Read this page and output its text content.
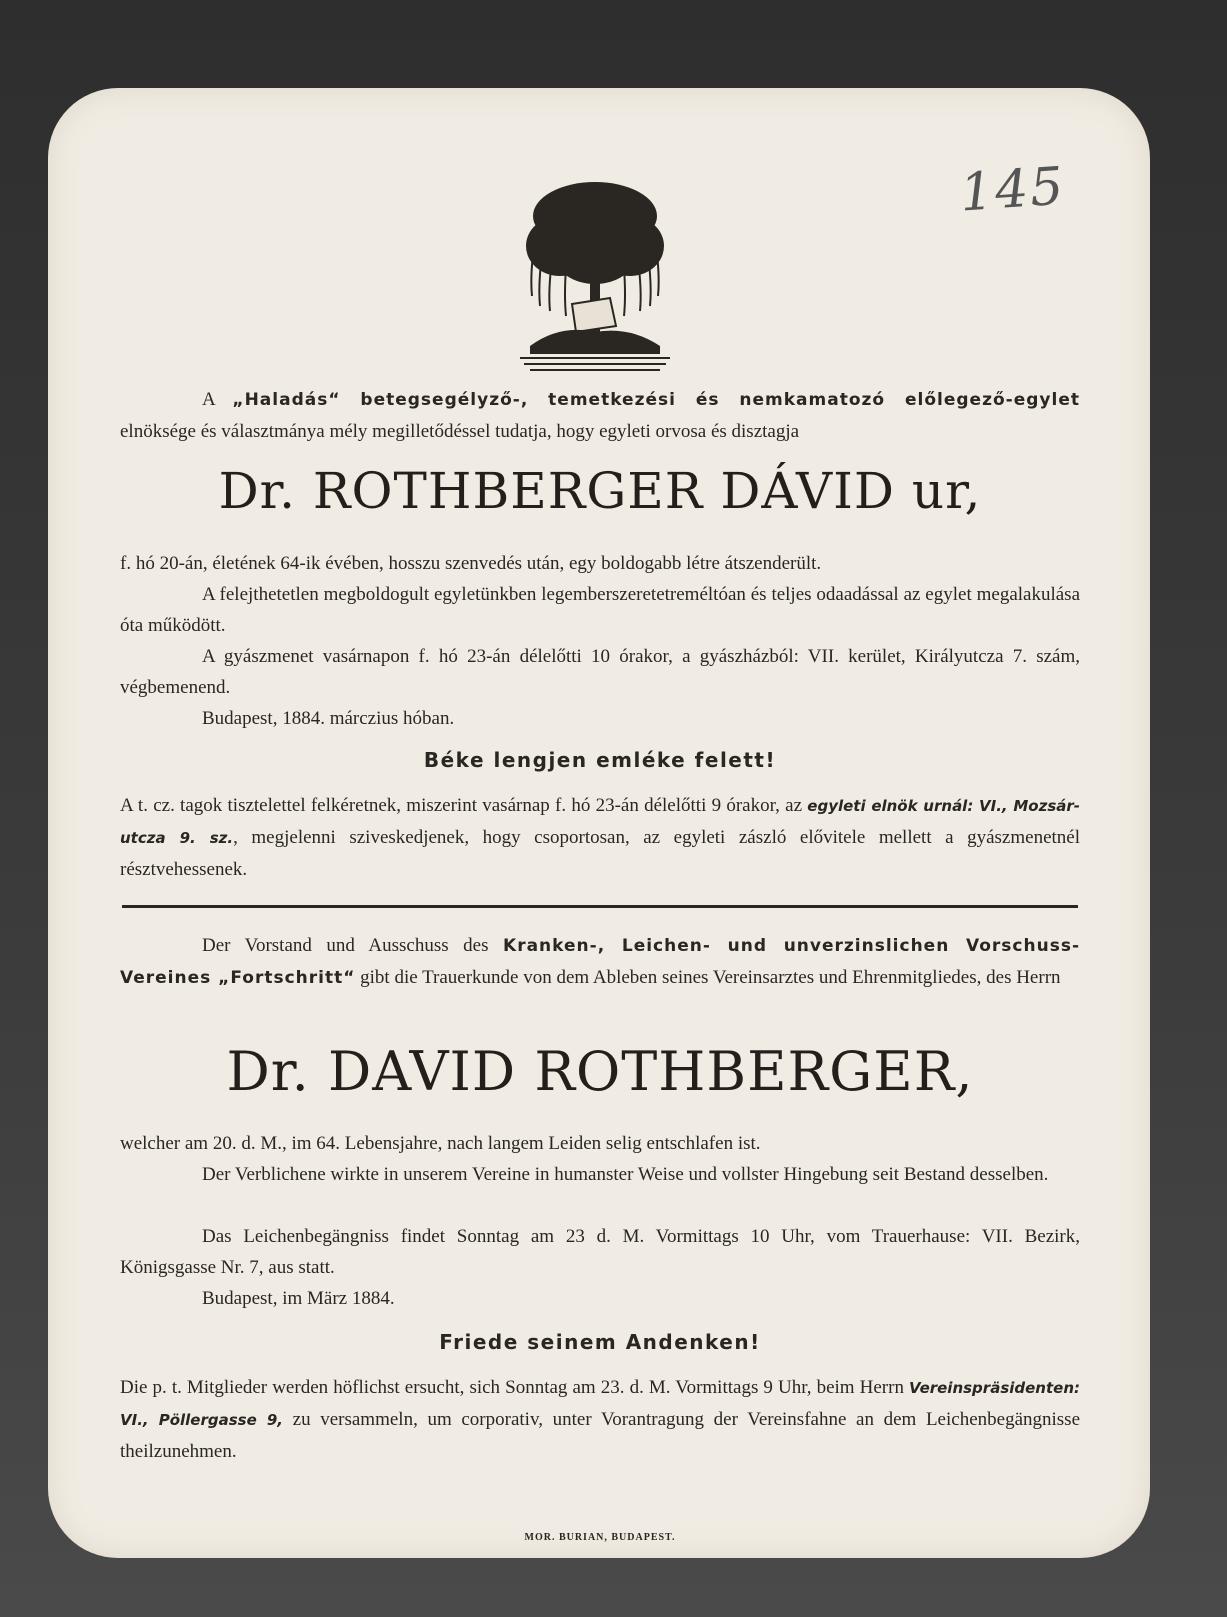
145
A „Haladás“ betegsegélyző-, temetkezési és nemkamatozó előlegező-egylet elnöksége és választmánya mély megilletődéssel tudatja, hogy egyleti orvosa és disztagja
Dr. ROTHBERGER DÁVID ur,
f. hó 20-án, életének 64-ik évében, hosszu szenvedés után, egy boldogabb létre átszenderült.
A felejthetetlen megboldogult egyletünkben legemberszeretetreméltóan és teljes odaadással az egylet megalakulása óta működött.
A gyászmenet vasárnapon f. hó 23-án délelőtti 10 órakor, a gyászházból: VII. kerület, Királyutcza 7. szám, végbemenend.
Budapest, 1884. márczius hóban.
Béke lengjen emléke felett!
A t. cz. tagok tisztelettel felkéretnek, miszerint vasárnap f. hó 23-án délelőtti 9 órakor, az egyleti elnök urnál: VI., Mozsár-utcza 9. sz., megjelenni sziveskedjenek, hogy csoportosan, az egyleti zászló elővitele mellett a gyászmenetnél résztvehessenek.
Der Vorstand und Ausschuss des Kranken-, Leichen- und unverzinslichen Vorschuss-Vereines „Fortschritt“ gibt die Trauerkunde von dem Ableben seines Vereinsarztes und Ehrenmitgliedes, des Herrn
Dr. DAVID ROTHBERGER,
welcher am 20. d. M., im 64. Lebensjahre, nach langem Leiden selig entschlafen ist.
Der Verblichene wirkte in unserem Vereine in humanster Weise und vollster Hingebung seit Bestand desselben.
Das Leichenbegängniss findet Sonntag am 23 d. M. Vormittags 10 Uhr, vom Trauerhause: VII. Bezirk, Königsgasse Nr. 7, aus statt.
Budapest, im März 1884.
Friede seinem Andenken!
Die p. t. Mitglieder werden höflichst ersucht, sich Sonntag am 23. d. M. Vormittags 9 Uhr, beim Herrn Vereinspräsidenten: VI., Pöllergasse 9, zu versammeln, um corporativ, unter Vorantragung der Vereinsfahne an dem Leichenbegängnisse theilzunehmen.
MOR. BURIAN, BUDAPEST.
